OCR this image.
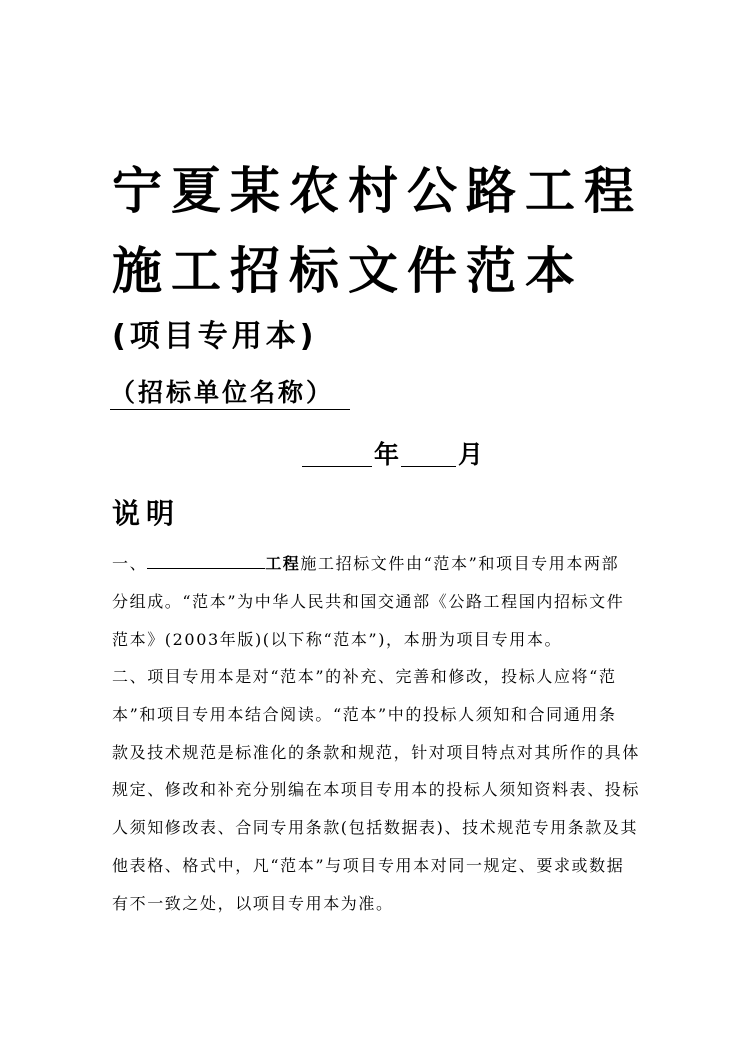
宁夏某农村公路工程
施工招标文件范本
(项目专用本)
（招标单位名称）
年 月
说明
一、	工程施工招标文件由“范本”和项目专用本两部
分组成。“范本”为中华人民共和国交通部《公路工程国内招标文件
范本》(2003年版)(以下称“范本”)，本册为项目专用本。
二、项目专用本是对“范本”的补充、完善和修改，投标人应将“范
本”和项目专用本结合阅读。“范本”中的投标人须知和合同通用条
款及技术规范是标准化的条款和规范，针对项目特点对其所作的具体
规定、修改和补充分别编在本项目专用本的投标人须知资料表、投标
人须知修改表、合同专用条款(包括数据表)、技术规范专用条款及其
他表格、格式中，凡“范本”与项目专用本对同一规定、要求或数据
有不一致之处，以项目专用本为准。
